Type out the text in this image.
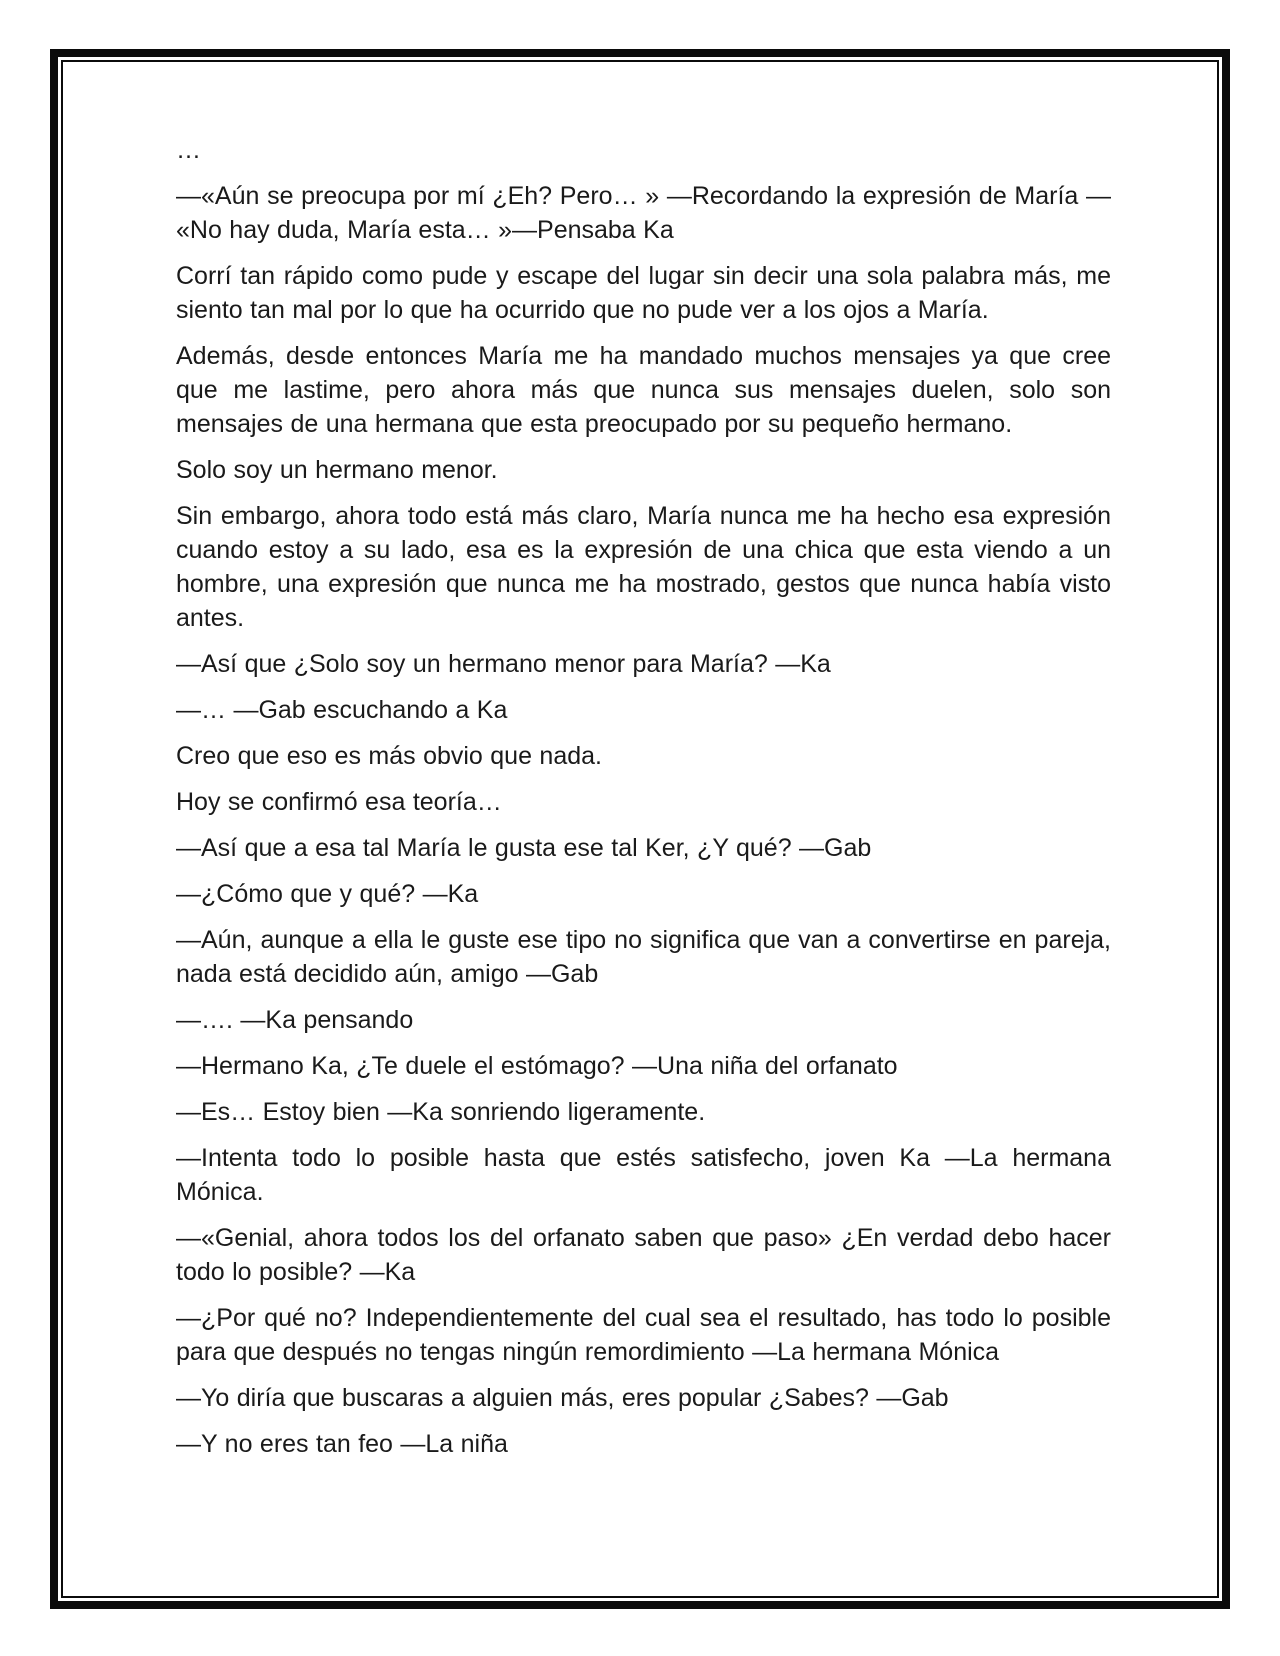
…

—«Aún se preocupa por mí ¿Eh? Pero… » —Recordando la expresión de María — «No hay duda, María esta… »—Pensaba Ka

Corrí tan rápido como pude y escape del lugar sin decir una sola palabra más, me siento tan mal por lo que ha ocurrido que no pude ver a los ojos a María.

Además, desde entonces María me ha mandado muchos mensajes ya que cree que me lastime, pero ahora más que nunca sus mensajes duelen, solo son mensajes de una hermana que esta preocupado por su pequeño hermano.

Solo soy un hermano menor.

Sin embargo, ahora todo está más claro, María nunca me ha hecho esa expresión cuando estoy a su lado, esa es la expresión de una chica que esta viendo a un hombre, una expresión que nunca me ha mostrado, gestos que nunca había visto antes.

—Así que ¿Solo soy un hermano menor para María? —Ka

—… —Gab escuchando a Ka

Creo que eso es más obvio que nada.

Hoy se confirmó esa teoría…

—Así que a esa tal María le gusta ese tal Ker, ¿Y qué? —Gab

—¿Cómo que y qué? —Ka

—Aún, aunque a ella le guste ese tipo no significa que van a convertirse en pareja, nada está decidido aún, amigo —Gab

—…. —Ka pensando

—Hermano Ka, ¿Te duele el estómago? —Una niña del orfanato

—Es… Estoy bien —Ka sonriendo ligeramente.

—Intenta todo lo posible hasta que estés satisfecho, joven Ka —La hermana Mónica.

—«Genial, ahora todos los del orfanato saben que paso» ¿En verdad debo hacer todo lo posible? —Ka

—¿Por qué no? Independientemente del cual sea el resultado, has todo lo posible para que después no tengas ningún remordimiento —La hermana Mónica

—Yo diría que buscaras a alguien más, eres popular ¿Sabes? —Gab

—Y no eres tan feo —La niña
